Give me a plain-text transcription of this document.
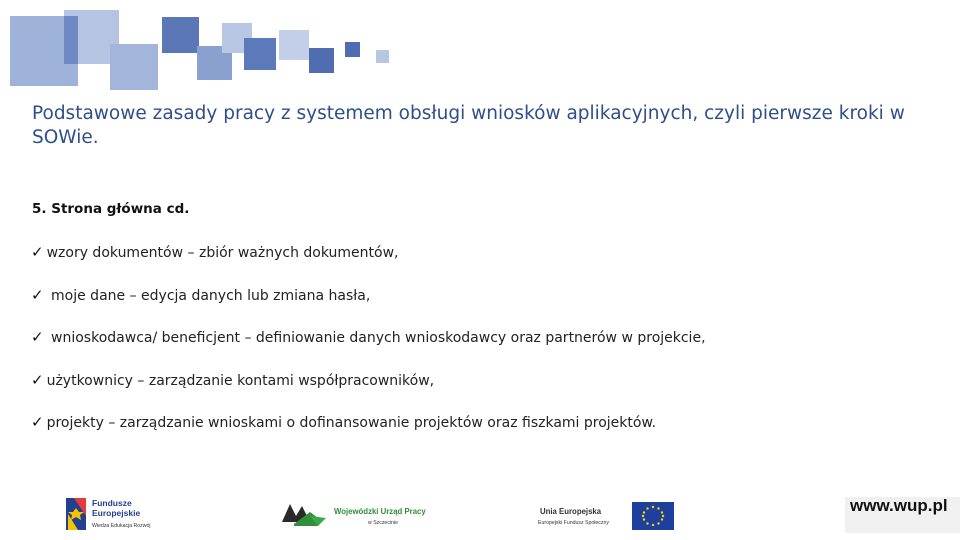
Podstawowe zasady pracy z systemem obsługi wniosków aplikacyjnych, czyli pierwsze kroki w SOWie.
5. Strona główna cd.
✓ wzory dokumentów – zbiór ważnych dokumentów,
✓ moje dane – edycja danych lub zmiana hasła,
✓ wnioskodawca/ beneficjent – definiowanie danych wnioskodawcy oraz partnerów w projekcie,
✓ użytkownicy – zarządzanie kontami współpracowników,
✓ projekty – zarządzanie wnioskami o dofinansowanie projektów oraz fiszkami projektów.
Fundusze
Europejskie
Wiedza Edukacja Rozwój
Wojewódzki Urząd Pracy
w Szczecinie
Unia Europejska
Europejski Fundusz Społeczny
www.wup.pl
